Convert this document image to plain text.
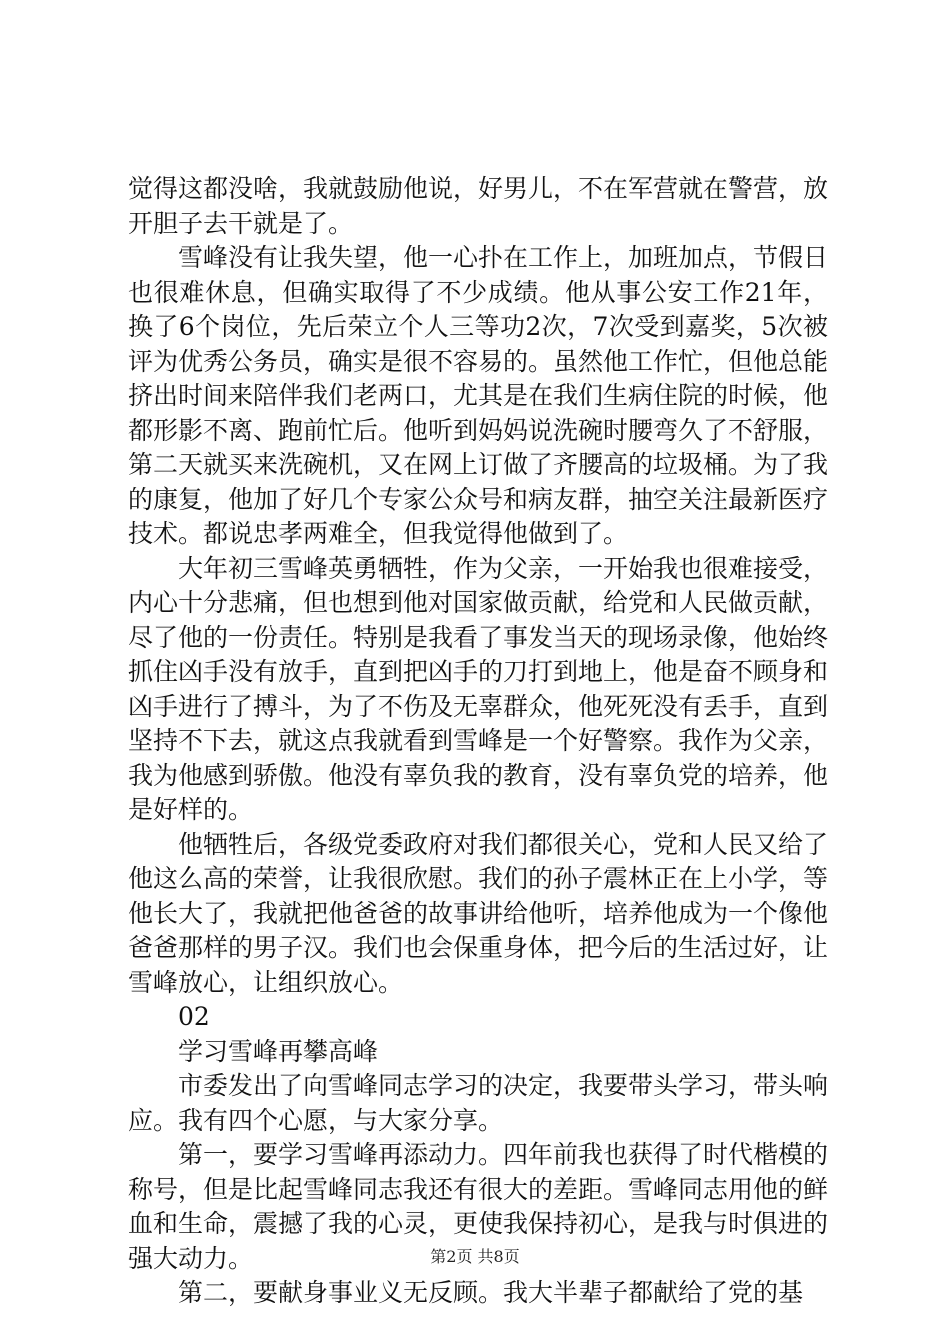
觉得这都没啥，我就鼓励他说，好男儿，不在军营就在警营，放开胆子去干就是了。

雪峰没有让我失望，他一心扑在工作上，加班加点，节假日也很难休息，但确实取得了不少成绩。他从事公安工作21年，换了6个岗位，先后荣立个人三等功2次，7次受到嘉奖，5次被评为优秀公务员，确实是很不容易的。虽然他工作忙，但他总能挤出时间来陪伴我们老两口，尤其是在我们生病住院的时候，他都形影不离、跑前忙后。他听到妈妈说洗碗时腰弯久了不舒服，第二天就买来洗碗机，又在网上订做了齐腰高的垃圾桶。为了我的康复，他加了好几个专家公众号和病友群，抽空关注最新医疗技术。都说忠孝两难全，但我觉得他做到了。

大年初三雪峰英勇牺牲，作为父亲，一开始我也很难接受，内心十分悲痛，但也想到他对国家做贡献，给党和人民做贡献，尽了他的一份责任。特别是我看了事发当天的现场录像，他始终抓住凶手没有放手，直到把凶手的刀打到地上，他是奋不顾身和凶手进行了搏斗，为了不伤及无辜群众，他死死没有丢手，直到坚持不下去，就这点我就看到雪峰是一个好警察。我作为父亲，我为他感到骄傲。他没有辜负我的教育，没有辜负党的培养，他是好样的。

他牺牲后，各级党委政府对我们都很关心，党和人民又给了他这么高的荣誉，让我很欣慰。我们的孙子震林正在上小学，等他长大了，我就把他爸爸的故事讲给他听，培养他成为一个像他爸爸那样的男子汉。我们也会保重身体，把今后的生活过好，让雪峰放心，让组织放心。

02

学习雪峰再攀高峰

市委发出了向雪峰同志学习的决定，我要带头学习，带头响应。我有四个心愿，与大家分享。

第一，要学习雪峰再添动力。四年前我也获得了时代楷模的称号，但是比起雪峰同志我还有很大的差距。雪峰同志用他的鲜血和生命，震撼了我的心灵，更使我保持初心，是我与时俱进的强大动力。

第二，要献身事业义无反顾。我大半辈子都献给了党的基

第2页 共8页
